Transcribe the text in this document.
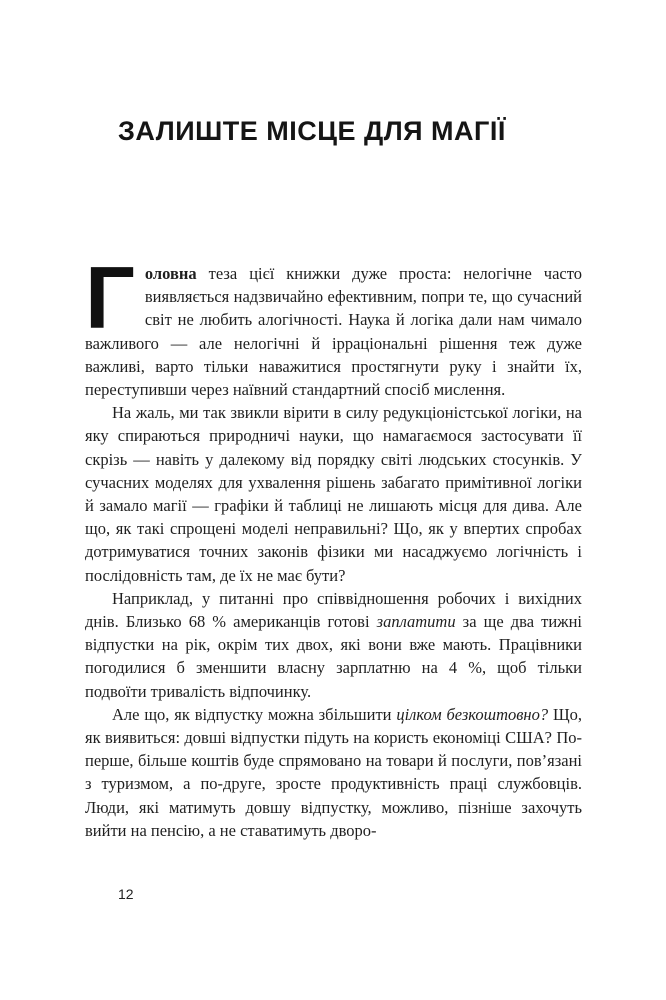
ЗАЛИШТЕ МІСЦЕ ДЛЯ МАГІЇ

Головна теза цієї книжки дуже проста: нелогічне часто виявляється надзвичайно ефективним, попри те, що сучасний світ не любить алогічності. Наука й логіка дали нам чимало важливого — але нелогічні й ірраціональні рішення теж дуже важливі, варто тільки наважитися простягнути руку і знайти їх, переступивши через наївний стандартний спосіб мислення.

На жаль, ми так звикли вірити в силу редукціоністської логіки, на яку спираються природничі науки, що намагаємося застосувати її скрізь — навіть у далекому від порядку світі людських стосунків. У сучасних моделях для ухвалення рішень забагато примітивної логіки й замало магії — графіки й таблиці не лишають місця для дива. Але що, як такі спрощені моделі неправильні? Що, як у впертих спробах дотримуватися точних законів фізики ми насаджуємо логічність і послідовність там, де їх не має бути?

Наприклад, у питанні про співвідношення робочих і вихідних днів. Близько 68 % американців готові заплатити за ще два тижні відпустки на рік, окрім тих двох, які вони вже мають. Працівники погодилися б зменшити власну зарплатню на 4 %, щоб тільки подвоїти тривалість відпочинку.

Але що, як відпустку можна збільшити цілком безкоштовно? Що, як виявиться: довші відпустки підуть на користь економіці США? По-перше, більше коштів буде спрямовано на товари й послуги, пов’язані з туризмом, а по-друге, зросте продуктивність праці службовців. Люди, які матимуть довшу відпустку, можливо, пізніше захочуть вийти на пенсію, а не ставатимуть дворо-

12
